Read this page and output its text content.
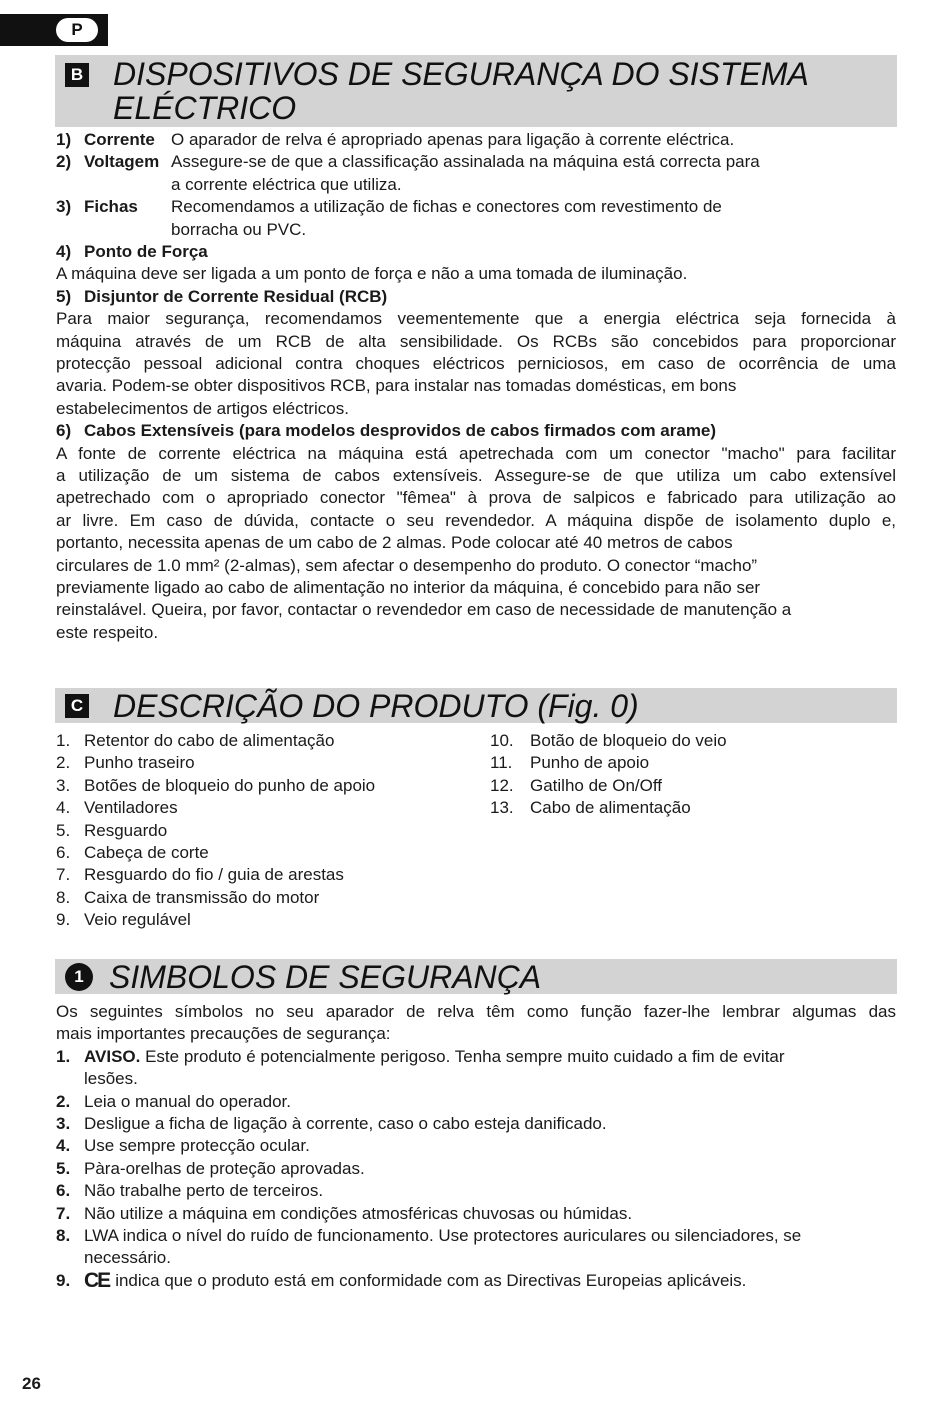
P
B DISPOSITIVOS DE SEGURANÇA DO SISTEMA
ELÉCTRICO
1) Corrente O aparador de relva é apropriado apenas para ligação à corrente eléctrica.
2) Voltagem Assegure-se de que a classificação assinalada na máquina está correcta para
a corrente eléctrica que utiliza.
3) Fichas Recomendamos a utilização de fichas e conectores com revestimento de
borracha ou PVC.
4) Ponto de Força
A máquina deve ser ligada a um ponto de força e não a uma tomada de iluminação.
5) Disjuntor de Corrente Residual (RCB)
Para maior segurança, recomendamos veementemente que a energia eléctrica seja fornecida à
máquina através de um RCB de alta sensibilidade. Os RCBs são concebidos para proporcionar
protecção pessoal adicional contra choques eléctricos perniciosos, em caso de ocorrência de uma
avaria. Podem-se obter dispositivos RCB, para instalar nas tomadas domésticas, em bons
estabelecimentos de artigos eléctricos.
6) Cabos Extensíveis (para modelos desprovidos de cabos firmados com arame)
A fonte de corrente eléctrica na máquina está apetrechada com um conector "macho" para facilitar
a utilização de um sistema de cabos extensíveis. Assegure-se de que utiliza um cabo extensível
apetrechado com o apropriado conector "fêmea" à prova de salpicos e fabricado para utilização ao
ar livre. Em caso de dúvida, contacte o seu revendedor. A máquina dispõe de isolamento duplo e,
portanto, necessita apenas de um cabo de 2 almas. Pode colocar até 40 metros de cabos
circulares de 1.0 mm² (2-almas), sem afectar o desempenho do produto. O conector “macho”
previamente ligado ao cabo de alimentação no interior da máquina, é concebido para não ser
reinstalável. Queira, por favor, contactar o revendedor em caso de necessidade de manutenção a
este respeito.
C DESCRIÇÃO DO PRODUTO (Fig. 0)
1. Retentor do cabo de alimentação
2. Punho traseiro
3. Botões de bloqueio do punho de apoio
4. Ventiladores
5. Resguardo
6. Cabeça de corte
7. Resguardo do fio / guia de arestas
8. Caixa de transmissão do motor
9. Veio regulável
10. Botão de bloqueio do veio
11. Punho de apoio
12. Gatilho de On/Off
13. Cabo de alimentação
1 SIMBOLOS DE SEGURANÇA
Os seguintes símbolos no seu aparador de relva têm como função fazer-lhe lembrar algumas das
mais importantes precauções de segurança:
1. AVISO. Este produto é potencialmente perigoso. Tenha sempre muito cuidado a fim de evitar
lesões.
2. Leia o manual do operador.
3. Desligue a ficha de ligação à corrente, caso o cabo esteja danificado.
4. Use sempre protecção ocular.
5. Pàra-orelhas de proteção aprovadas.
6. Não trabalhe perto de terceiros.
7. Não utilize a máquina em condições atmosféricas chuvosas ou húmidas.
8. LWA indica o nível do ruído de funcionamento. Use protectores auriculares ou silenciadores, se
necessário.
9. CE indica que o produto está em conformidade com as Directivas Europeias aplicáveis.
26
